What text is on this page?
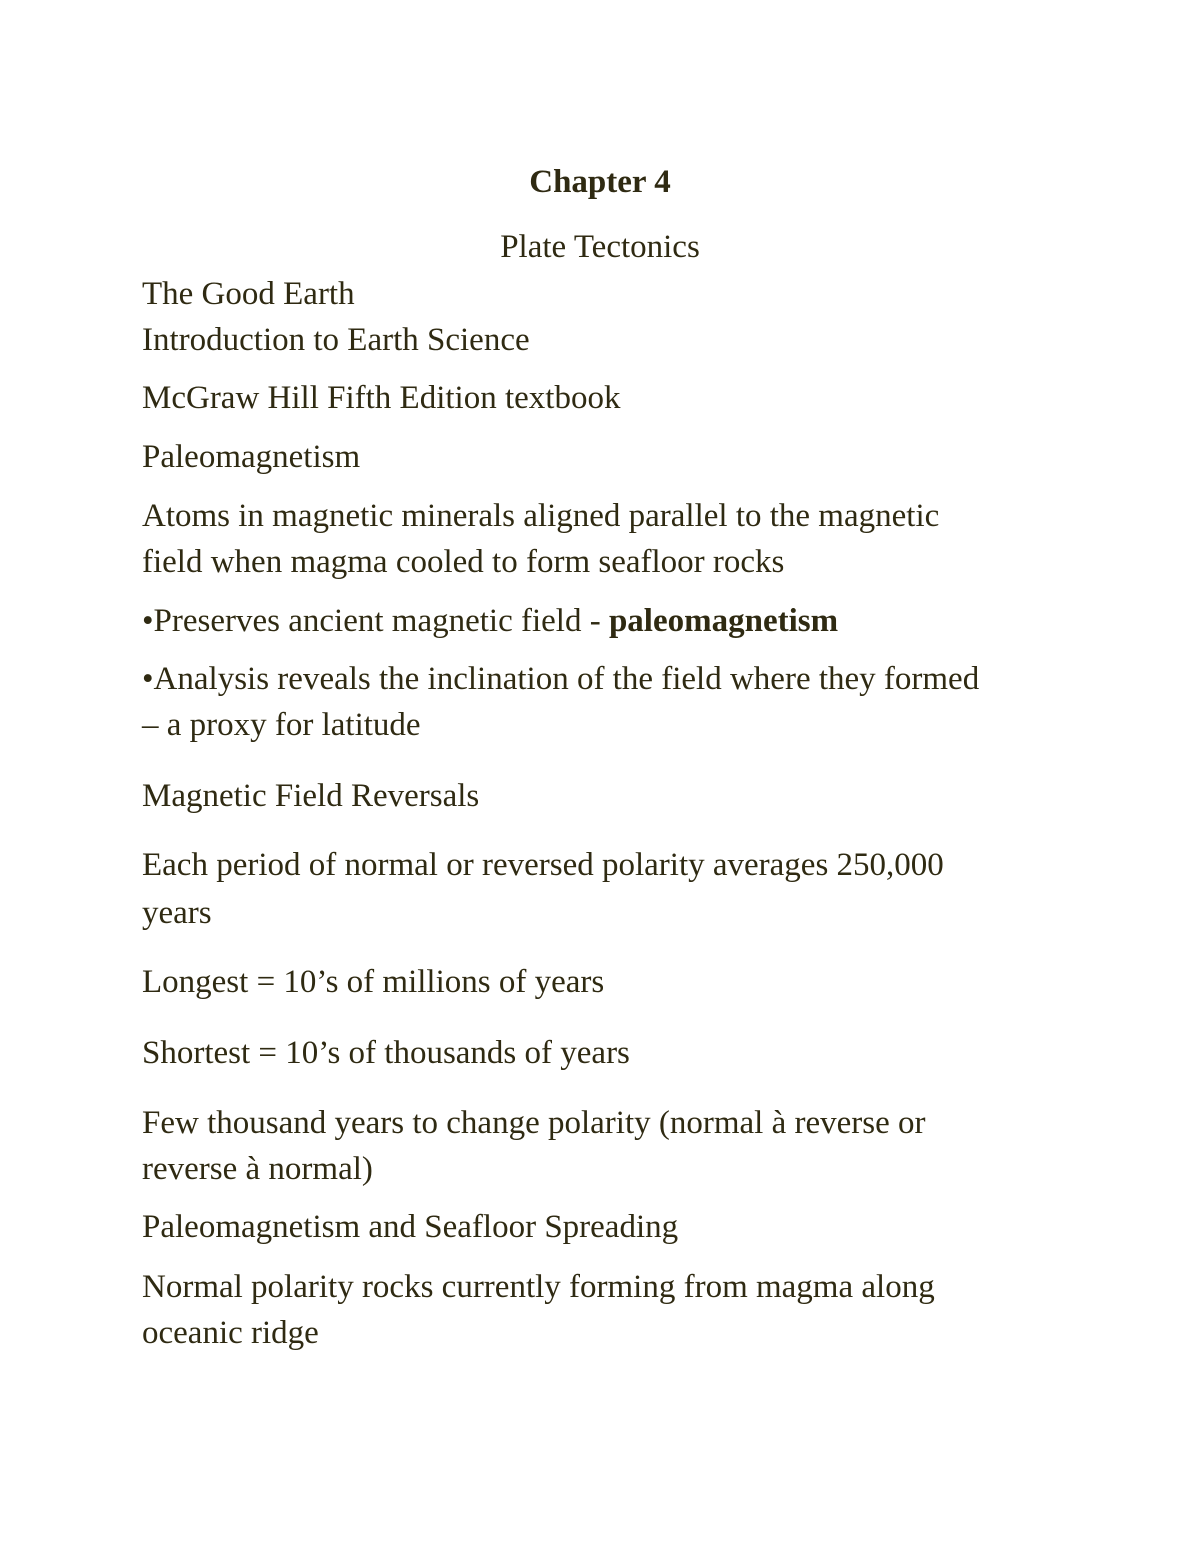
Chapter 4

Plate Tectonics

The Good Earth

Introduction to Earth Science

McGraw Hill Fifth Edition textbook

Paleomagnetism

Atoms in magnetic minerals aligned parallel to the magnetic

field when magma cooled to form seafloor rocks

•Preserves ancient magnetic field - paleomagnetism

•Analysis reveals the inclination of the field where they formed

– a proxy for latitude

Magnetic Field Reversals

Each period of normal or reversed polarity averages 250,000

years

Longest = 10’s of millions of years

Shortest = 10’s of thousands of years

Few thousand years to change polarity (normal à reverse or

reverse à normal)

Paleomagnetism and Seafloor Spreading

Normal polarity rocks currently forming from magma along

oceanic ridge
